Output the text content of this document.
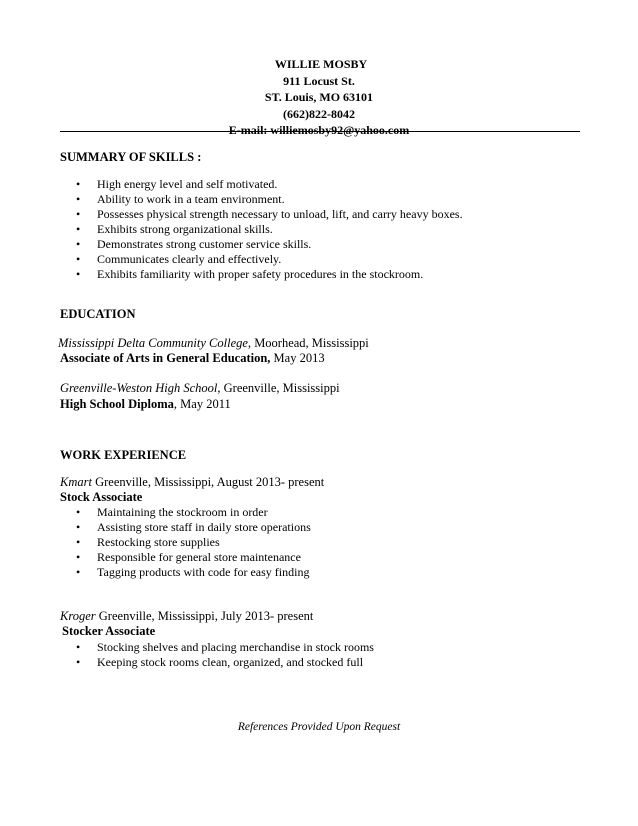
WILLIE MOSBY
911 Locust St.
ST. Louis, MO 63101
(662)822-8042
E-mail: williemosby92@yahoo.com
SUMMARY OF SKILLS :
• High energy level and self motivated.
• Ability to work in a team environment.
• Possesses physical strength necessary to unload, lift, and carry heavy boxes.
• Exhibits strong organizational skills.
• Demonstrates strong customer service skills.
• Communicates clearly and effectively.
• Exhibits familiarity with proper safety procedures in the stockroom.
EDUCATION
Mississippi Delta Community College, Moorhead, Mississippi
Associate of Arts in General Education, May 2013
Greenville-Weston High School, Greenville, Mississippi
High School Diploma, May 2011
WORK EXPERIENCE
Kmart Greenville, Mississippi, August 2013- present
Stock Associate
• Maintaining the stockroom in order
• Assisting store staff in daily store operations
• Restocking store supplies
• Responsible for general store maintenance
• Tagging products with code for easy finding
Kroger Greenville, Mississippi, July 2013- present
Stocker Associate
• Stocking shelves and placing merchandise in stock rooms
• Keeping stock rooms clean, organized, and stocked full
References Provided Upon Request
